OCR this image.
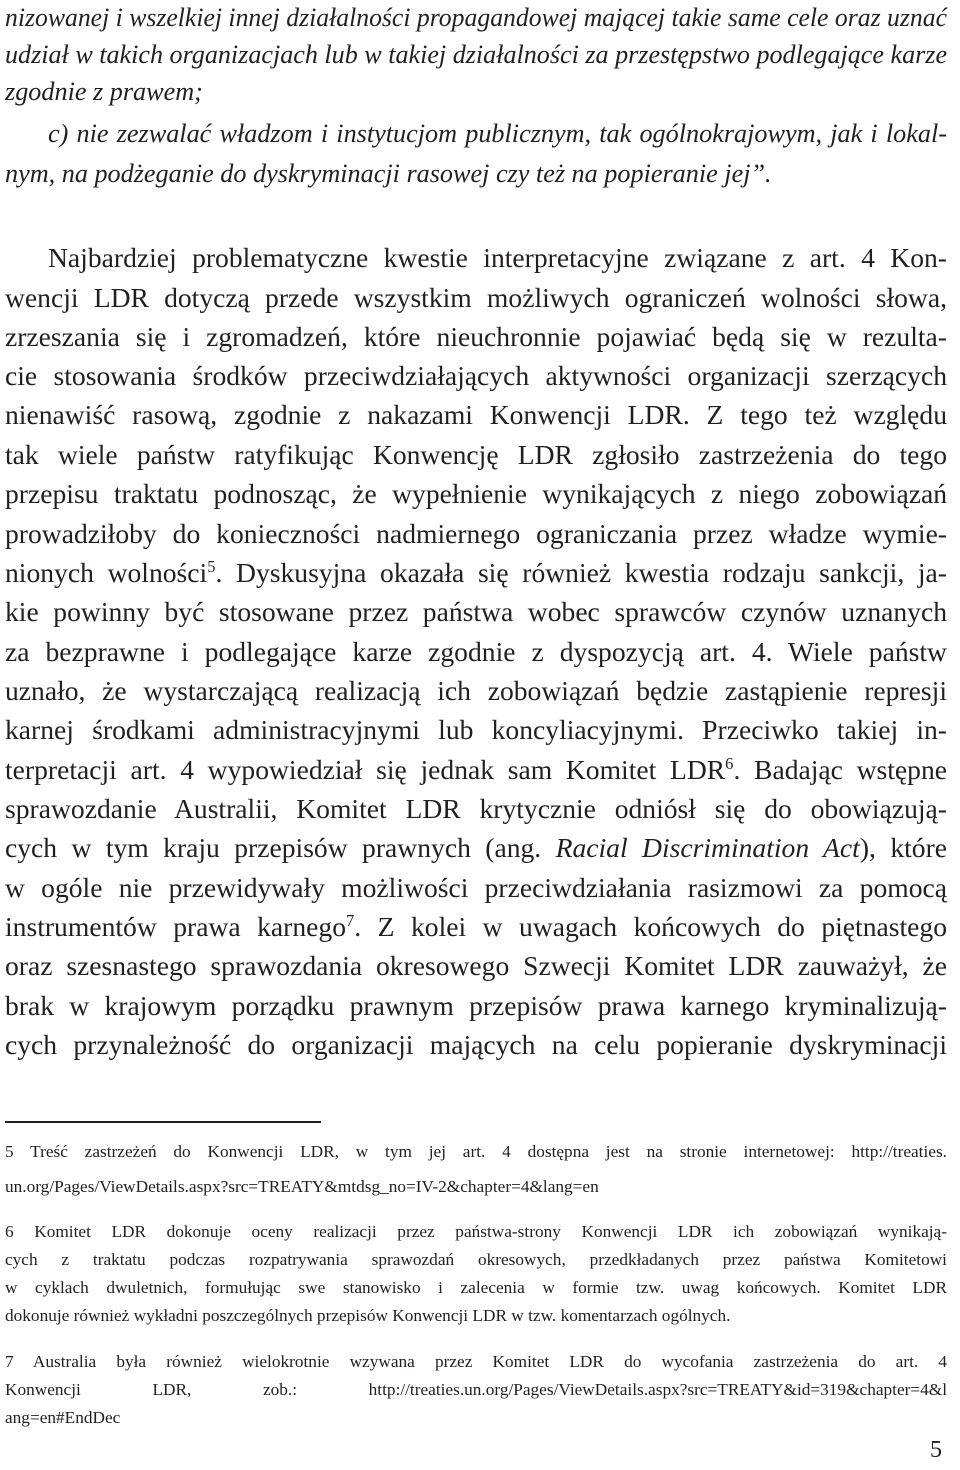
nizowanej i wszelkiej innej działalności propagandowej mającej takie same cele oraz uznać
udział w takich organizacjach lub w takiej działalności za przestępstwo podlegające karze
zgodnie z prawem;
c) nie zezwalać władzom i instytucjom publicznym, tak ogólnokrajowym, jak i lokal-
nym, na podżeganie do dyskryminacji rasowej czy też na popieranie jej”.
Najbardziej problematyczne kwestie interpretacyjne związane z art. 4 Kon-
wencji LDR dotyczą przede wszystkim możliwych ograniczeń wolności słowa,
zrzeszania się i zgromadzeń, które nieuchronnie pojawiać będą się w rezulta-
cie stosowania środków przeciwdziałających aktywności organizacji szerzących
nienawiść rasową, zgodnie z nakazami Konwencji LDR. Z tego też względu
tak wiele państw ratyfikując Konwencję LDR zgłosiło zastrzeżenia do tego
przepisu traktatu podnosząc, że wypełnienie wynikających z niego zobowiązań
prowadziłoby do konieczności nadmiernego ograniczania przez władze wymie-
nionych wolności$^5$. Dyskusyjna okazała się również kwestia rodzaju sankcji, ja-
kie powinny być stosowane przez państwa wobec sprawców czynów uznanych
za bezprawne i podlegające karze zgodnie z dyspozycją art. 4. Wiele państw
uznało, że wystarczającą realizacją ich zobowiązań będzie zastąpienie represji
karnej środkami administracyjnymi lub koncyliacyjnymi. Przeciwko takiej in-
terpretacji art. 4 wypowiedział się jednak sam Komitet LDR$^6$. Badając wstępne
sprawozdanie Australii, Komitet LDR krytycznie odniósł się do obowiązują-
cych w tym kraju przepisów prawnych (ang. Racial Discrimination Act), które
w ogóle nie przewidywały możliwości przeciwdziałania rasizmowi za pomocą
instrumentów prawa karnego$^7$. Z kolei w uwagach końcowych do piętnastego
oraz szesnastego sprawozdania okresowego Szwecji Komitet LDR zauważył, że
brak w krajowym porządku prawnym przepisów prawa karnego kryminalizują-
cych przynależność do organizacji mających na celu popieranie dyskryminacji
5 Treść zastrzeżeń do Konwencji LDR, w tym jej art. 4 dostępna jest na stronie internetowej: http://treaties.
un.org/Pages/ViewDetails.aspx?src=TREATY&mtdsg_no=IV-2&chapter=4&lang=en
6 Komitet LDR dokonuje oceny realizacji przez państwa-strony Konwencji LDR ich zobowiązań wynikają-
cych z traktatu podczas rozpatrywania sprawozdań okresowych, przedkładanych przez państwa Komitetowi
w cyklach dwuletnich, formułując swe stanowisko i zalecenia w formie tzw. uwag końcowych. Komitet LDR
dokonuje również wykładni poszczególnych przepisów Konwencji LDR w tzw. komentarzach ogólnych.
7 Australia była również wielokrotnie wzywana przez Komitet LDR do wycofania zastrzeżenia do art. 4
Konwencji LDR, zob.: http://treaties.un.org/Pages/ViewDetails.aspx?src=TREATY&id=319&chapter=4&l
ang=en#EndDec
5
